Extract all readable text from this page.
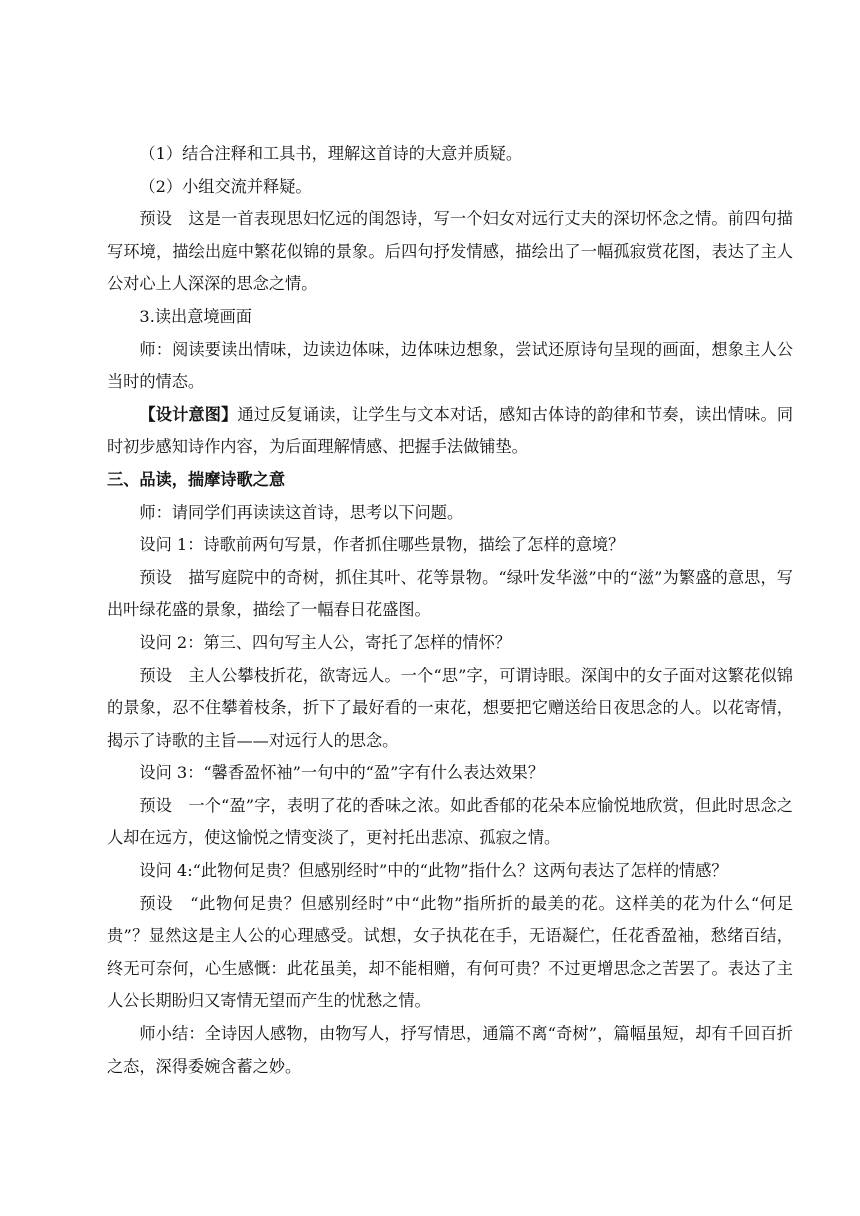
（1）结合注释和工具书，理解这首诗的大意并质疑。

（2）小组交流并释疑。

预设　这是一首表现思妇忆远的闺怨诗，写一个妇女对远行丈夫的深切怀念之情。前四句描写环境，描绘出庭中繁花似锦的景象。后四句抒发情感，描绘出了一幅孤寂赏花图，表达了主人公对心上人深深的思念之情。

3.读出意境画面

师：阅读要读出情味，边读边体味，边体味边想象，尝试还原诗句呈现的画面，想象主人公当时的情态。

【设计意图】通过反复诵读，让学生与文本对话，感知古体诗的韵律和节奏，读出情味。同时初步感知诗作内容，为后面理解情感、把握手法做铺垫。

三、品读，揣摩诗歌之意

师：请同学们再读读这首诗，思考以下问题。

设问 1：诗歌前两句写景，作者抓住哪些景物，描绘了怎样的意境？

预设　描写庭院中的奇树，抓住其叶、花等景物。“绿叶发华滋”中的“滋”为繁盛的意思，写出叶绿花盛的景象，描绘了一幅春日花盛图。

设问 2：第三、四句写主人公，寄托了怎样的情怀？

预设　主人公攀枝折花，欲寄远人。一个“思”字，可谓诗眼。深闺中的女子面对这繁花似锦的景象，忍不住攀着枝条，折下了最好看的一束花，想要把它赠送给日夜思念的人。以花寄情，揭示了诗歌的主旨——对远行人的思念。

设问 3：“馨香盈怀袖”一句中的“盈”字有什么表达效果？

预设　一个“盈”字，表明了花的香味之浓。如此香郁的花朵本应愉悦地欣赏，但此时思念之人却在远方，使这愉悦之情变淡了，更衬托出悲凉、孤寂之情。

设问 4:“此物何足贵？但感别经时”中的“此物”指什么？这两句表达了怎样的情感？

预设　“此物何足贵？但感别经时”中“此物”指所折的最美的花。这样美的花为什么“何足贵”？显然这是主人公的心理感受。试想，女子执花在手，无语凝伫，任花香盈袖，愁绪百结，终无可奈何，心生感慨：此花虽美，却不能相赠，有何可贵？不过更增思念之苦罢了。表达了主人公长期盼归又寄情无望而产生的忧愁之情。

师小结：全诗因人感物，由物写人，抒写情思，通篇不离“奇树”，篇幅虽短，却有千回百折之态，深得委婉含蓄之妙。
